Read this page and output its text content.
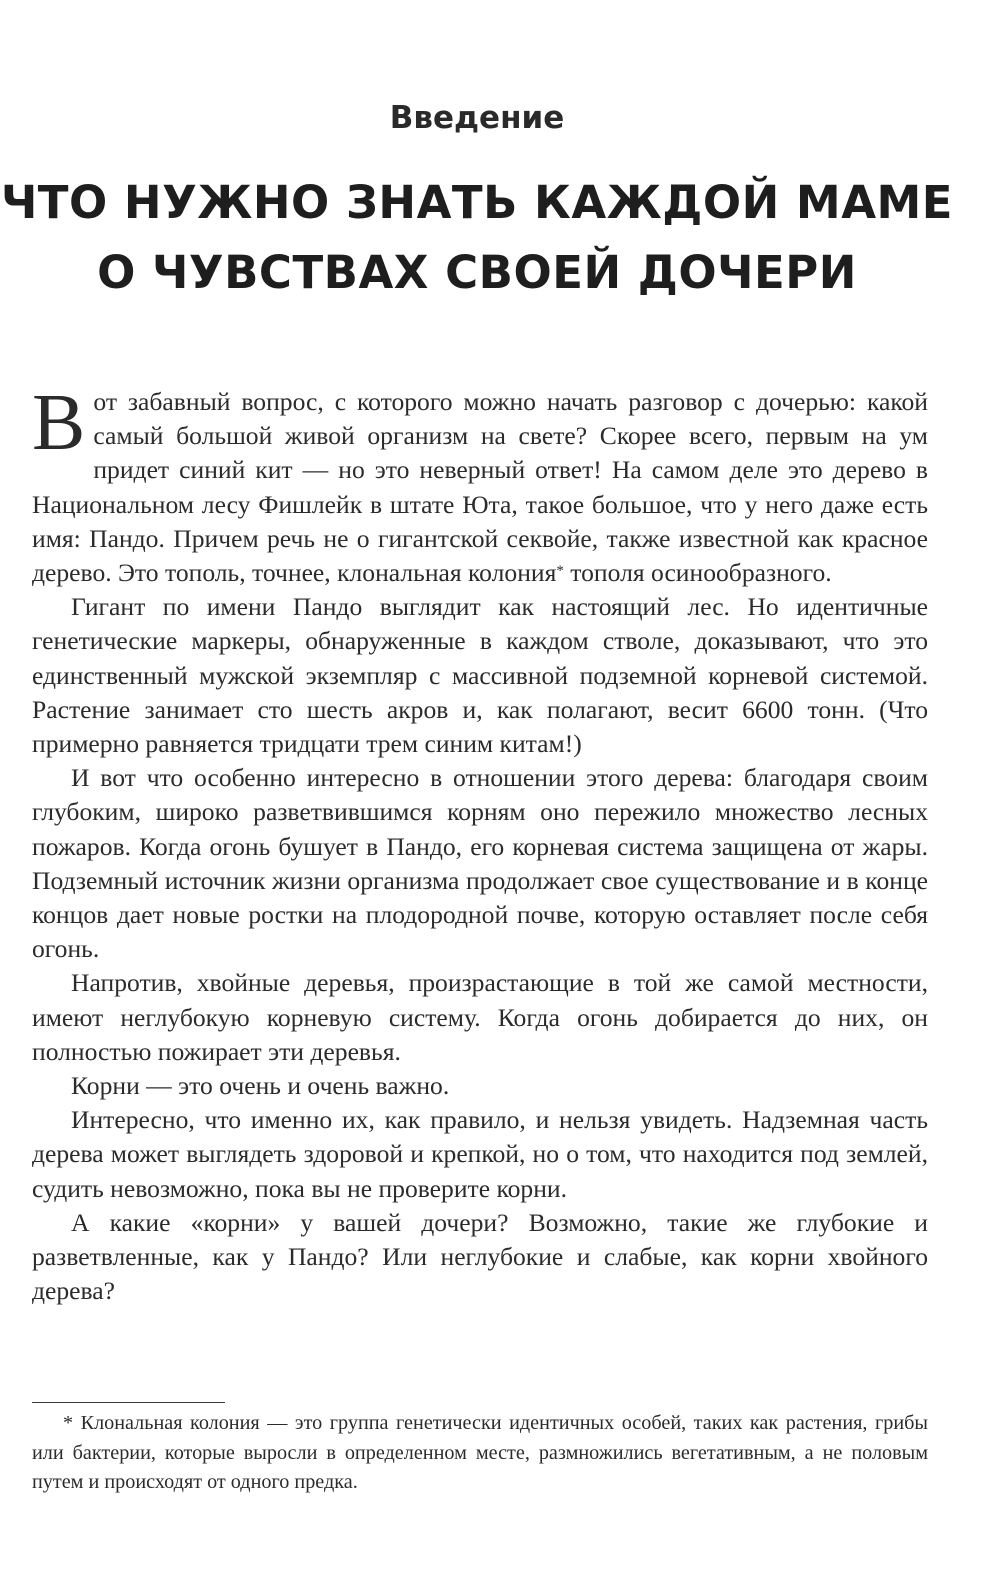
Введение
ЧТО НУЖНО ЗНАТЬ КАЖДОЙ МАМЕ
О ЧУВСТВАХ СВОЕЙ ДОЧЕРИ

Вот забавный вопрос, с которого можно начать разговор с дочерью: какой самый большой живой организм на свете? Скорее всего, первым на ум придет синий кит — но это неверный ответ! На самом деле это дерево в Национальном лесу Фишлейк в штате Юта, такое большое, что у него даже есть имя: Пандо. Причем речь не о гигантской секвойе, также известной как красное дерево. Это тополь, точнее, клональная колония* тополя осинообразного.

Гигант по имени Пандо выглядит как настоящий лес. Но идентичные генетические маркеры, обнаруженные в каждом стволе, доказывают, что это единственный мужской экземпляр с массивной подземной корневой системой. Растение занимает сто шесть акров и, как полагают, весит 6600 тонн. (Что примерно равняется тридцати трем синим китам!)

И вот что особенно интересно в отношении этого дерева: благодаря своим глубоким, широко разветвившимся корням оно пережило множество лесных пожаров. Когда огонь бушует в Пандо, его корневая система защищена от жары. Подземный источник жизни организма продолжает свое существование и в конце концов дает новые ростки на плодородной почве, которую оставляет после себя огонь.

Напротив, хвойные деревья, произрастающие в той же самой местности, имеют неглубокую корневую систему. Когда огонь добирается до них, он полностью пожирает эти деревья.

Корни — это очень и очень важно.

Интересно, что именно их, как правило, и нельзя увидеть. Надземная часть дерева может выглядеть здоровой и крепкой, но о том, что находится под землей, судить невозможно, пока вы не проверите корни.

А какие «корни» у вашей дочери? Возможно, такие же глубокие и разветвленные, как у Пандо? Или неглубокие и слабые, как корни хвойного дерева?

* Клональная колония — это группа генетически идентичных особей, таких как растения, грибы или бактерии, которые выросли в определенном месте, размножились вегетативным, а не половым путем и происходят от одного предка.
